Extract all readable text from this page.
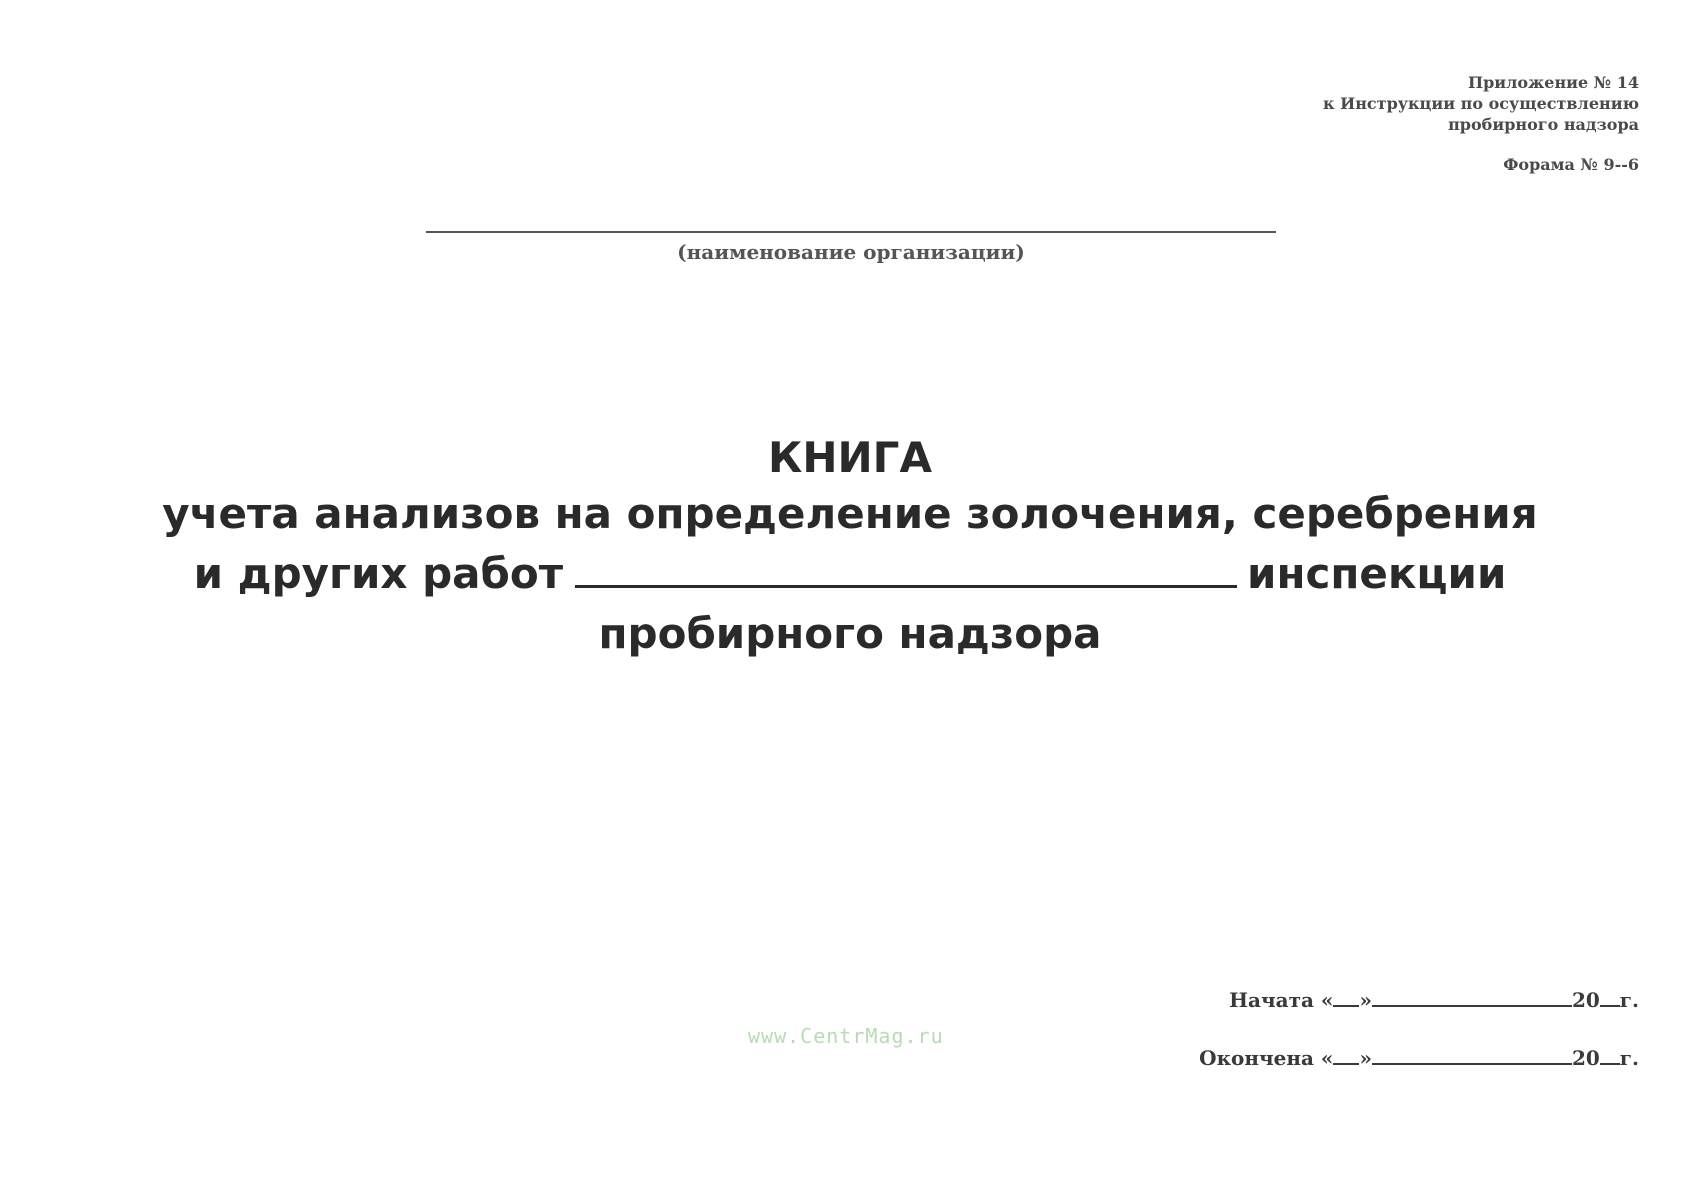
Приложение № 14
к Инструкции по осуществлению
пробирного надзора
Форама № 9--6
(наименование организации)
КНИГА
учета анализов на определение золочения, серебрения
и других работ	инспекции
пробирного надзора
www.CentrMag.ru
Начата « »	20 г.
Окончена « »	20 г.
